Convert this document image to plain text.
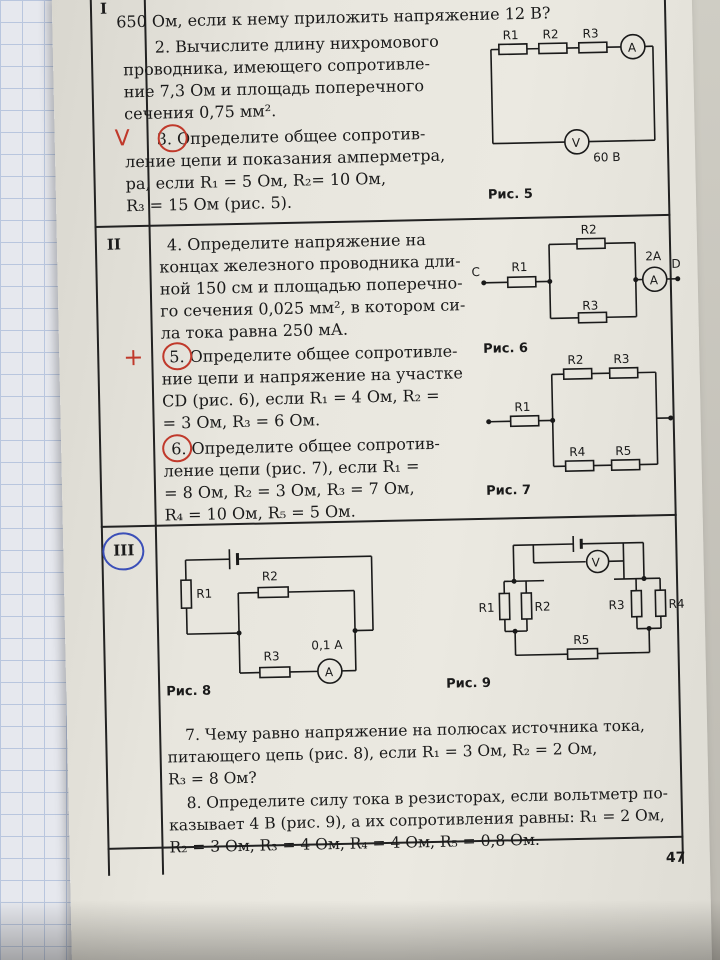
I
II
III
650 Ом, если к нему приложить напряжение 12 В?
2. Вычислите длину нихромового
проводника, имеющего сопротивле-
ние 7,3 Ом и площадь поперечного
сечения 0,75 мм².
3. Определите общее сопротив-
ление цепи и показания амперметра,
ра, если R₁ = 5 Ом, R₂= 10 Ом,
R₃ = 15 Ом (рис. 5).
4. Определите напряжение на
концах железного проводника дли-
ной 150 см и площадью поперечно-
го сечения 0,025 мм², в котором си-
ла тока равна 250 мА.
5. Определите общее сопротивле-
ние цепи и напряжение на участке
CD (рис. 6), если R₁ = 4 Ом, R₂ =
= 3 Ом, R₃ = 6 Ом.
6. Определите общее сопротив-
ление цепи (рис. 7), если R₁ =
= 8 Ом, R₂ = 3 Ом, R₃ = 7 Ом,
R₄ = 10 Ом, R₅ = 5 Ом.
7. Чему равно напряжение на полюсах источника тока,
питающего цепь (рис. 8), если R₁ = 3 Ом, R₂ = 2 Ом,
R₃ = 8 Ом?
8. Определите силу тока в резисторах, если вольтметр по-
казывает 4 В (рис. 9), а их сопротивления равны: R₁ = 2 Ом,
R₂ = 3 Ом, R₃ = 4 Ом, R₄ = 4 Ом, R₅ = 0,8 Ом.
Рис. 5
Рис. 6
Рис. 7
Рис. 8	Рис. 9
47
R1 R2 R3
A
V
60 В
C	R1
R2
R3
A
2A
D
R1
R2 R3
R4 R5
R1
R2
R3
A
0,1 A
V
R1	R2	R3	R4
R5
V
+
